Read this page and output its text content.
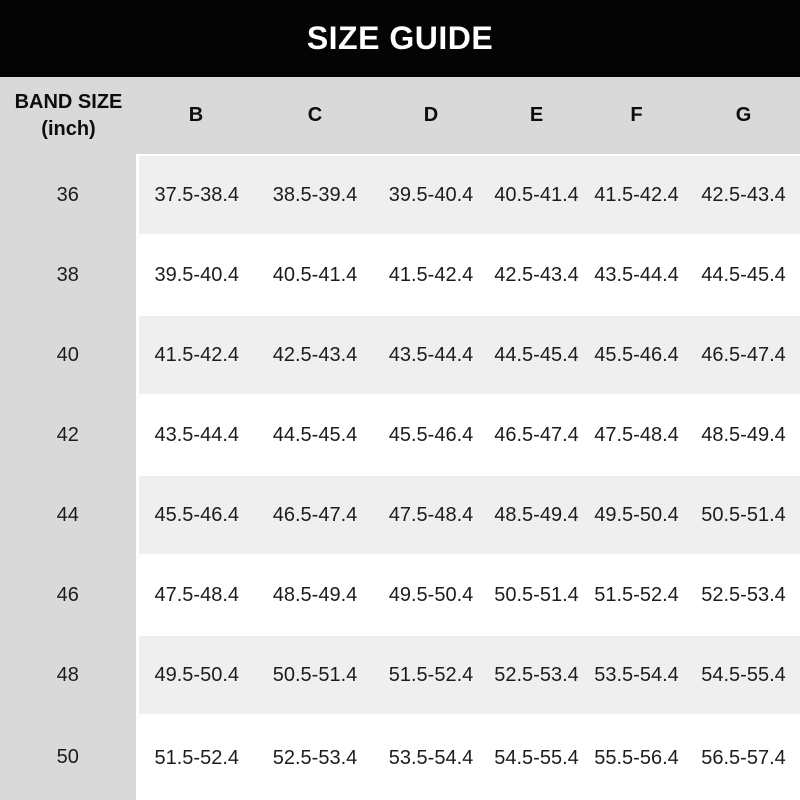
SIZE GUIDE
BAND SIZE
(inch)	B	C	D	E	F	G
36	37.5-38.4	38.5-39.4	39.5-40.4	40.5-41.4	41.5-42.4	42.5-43.4
38	39.5-40.4	40.5-41.4	41.5-42.4	42.5-43.4	43.5-44.4	44.5-45.4
40	41.5-42.4	42.5-43.4	43.5-44.4	44.5-45.4	45.5-46.4	46.5-47.4
42	43.5-44.4	44.5-45.4	45.5-46.4	46.5-47.4	47.5-48.4	48.5-49.4
44	45.5-46.4	46.5-47.4	47.5-48.4	48.5-49.4	49.5-50.4	50.5-51.4
46	47.5-48.4	48.5-49.4	49.5-50.4	50.5-51.4	51.5-52.4	52.5-53.4
48	49.5-50.4	50.5-51.4	51.5-52.4	52.5-53.4	53.5-54.4	54.5-55.4
50	51.5-52.4	52.5-53.4	53.5-54.4	54.5-55.4	55.5-56.4	56.5-57.4
